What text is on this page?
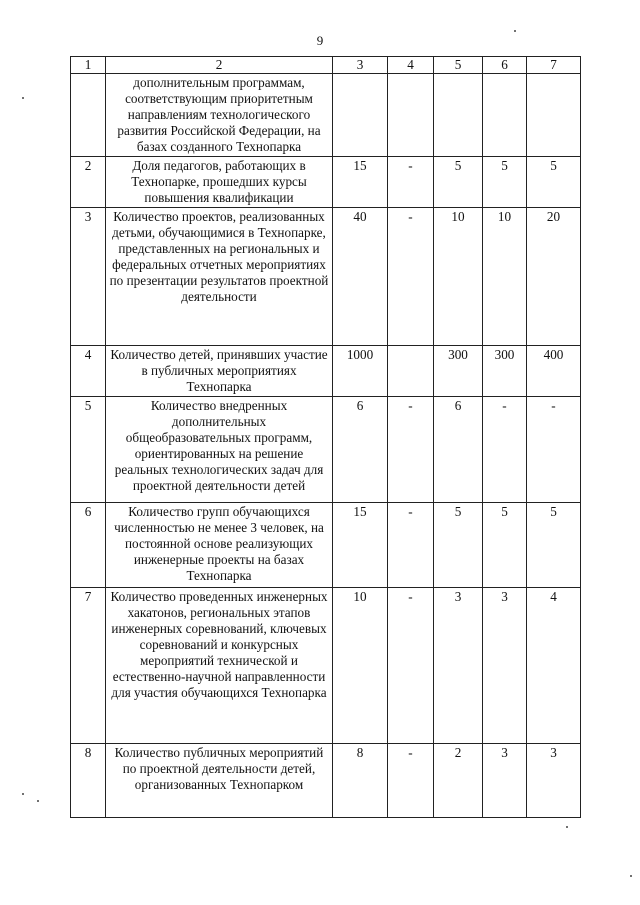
9
1	2	3	4	5	6	7
	дополнительным программам, соответствующим приоритетным направлениям технологического развития Российской Федерации, на базах созданного Технопарка					
2	Доля педагогов, работающих в Технопарке, прошедших курсы повышения квалификации	15	-	5	5	5
3	Количество проектов, реализованных детьми, обучающимися в Технопарке, представленных на региональных и федеральных отчетных мероприятиях по презентации результатов проектной деятельности	40	-	10	10	20
4	Количество детей, принявших участие в публичных мероприятиях Технопарка	1000		300	300	400
5	Количество внедренных дополнительных общеобразовательных программ, ориентированных на решение реальных технологических задач для проектной деятельности детей	6	-	6	-	-
6	Количество групп обучающихся численностью не менее 3 человек, на постоянной основе реализующих инженерные проекты на базах Технопарка	15	-	5	5	5
7	Количество проведенных инженерных хакатонов, региональных этапов инженерных соревнований, ключевых соревнований и конкурсных мероприятий технической и естественно-научной направленности для участия обучающихся Технопарка	10	-	3	3	4
8	Количество публичных мероприятий по проектной деятельности детей, организованных Технопарком	8	-	2	3	3
